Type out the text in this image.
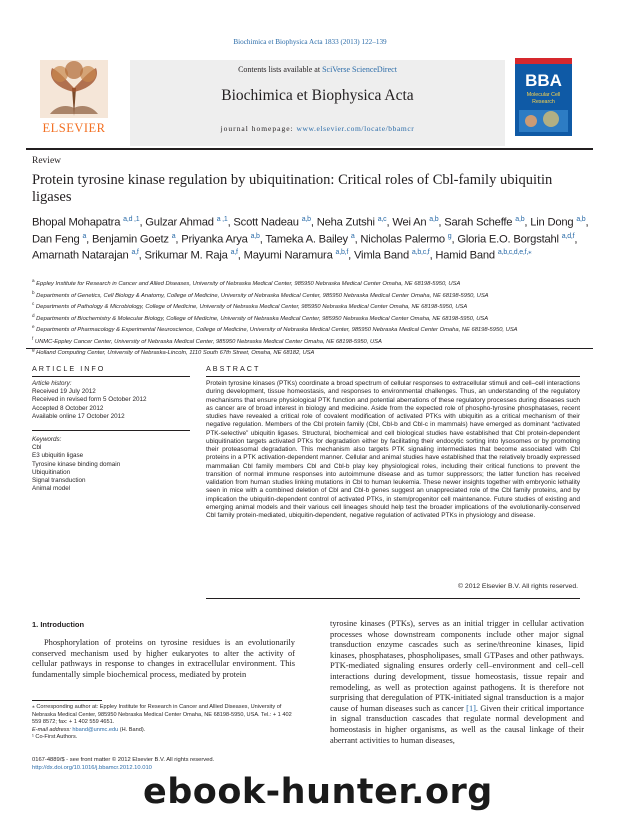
Biochimica et Biophysica Acta 1833 (2013) 122–139
Contents lists available at SciVerse ScienceDirect
Biochimica et Biophysica Acta
journal homepage: www.elsevier.com/locate/bbamcr
ELSEVIER
BBA
Molecular Cell
Research
Review
Protein tyrosine kinase regulation by ubiquitination: Critical roles of Cbl-family ubiquitin ligases
Bhopal Mohapatra $^{a,d ,1}$, Gulzar Ahmad $^{a ,1}$, Scott Nadeau $^{a,b}$, Neha Zutshi $^{a,c}$, Wei An $^{a,b}$, Sarah Scheffe $^{a,b}$, Lin Dong $^{a,b}$, Dan Feng $^a$, Benjamin Goetz $^a$, Priyanka Arya $^{a,b}$, Tameka A. Bailey $^a$, Nicholas Palermo $^g$, Gloria E.O. Borgstahl $^{a,d,f}$, Amarnath Natarajan $^{a,f}$, Srikumar M. Raja $^{a,f}$, Mayumi Naramura $^{a,b,f}$, Vimla Band $^{a,b,c,f}$, Hamid Band $^{a,b,c,d,e,f,⁎}$
$^a$ Eppley Institute for Research in Cancer and Allied Diseases, University of Nebraska Medical Center, 985950 Nebraska Medical Center Omaha, NE 68198-5950, USA
$^b$ Departments of Genetics, Cell Biology & Anatomy, College of Medicine, University of Nebraska Medical Center, 985950 Nebraska Medical Center Omaha, NE 68198-5950, USA
$^c$ Departments of Pathology & Microbiology, College of Medicine, University of Nebraska Medical Center, 985950 Nebraska Medical Center Omaha, NE 68198-5950, USA
$^d$ Departments of Biochemistry & Molecular Biology, College of Medicine, University of Nebraska Medical Center, 985950 Nebraska Medical Center Omaha, NE 68198-5950, USA
$^e$ Departments of Pharmacology & Experimental Neuroscience, College of Medicine, University of Nebraska Medical Center, 985950 Nebraska Medical Center Omaha, NE 68198-5950, USA
$^f$ UNMC-Eppley Cancer Center, University of Nebraska Medical Center, 985950 Nebraska Medical Center Omaha, NE 68198-5950, USA
$^g$ Holland Computing Center, University of Nebraska-Lincoln, 1110 South 67th Street, Omaha, NE 68182, USA
ARTICLE INFO
Article history:
Received 19 July 2012
Received in revised form 5 October 2012
Accepted 8 October 2012
Available online 17 October 2012
Keywords:
Cbl
E3 ubiquitin ligase
Tyrosine kinase binding domain
Ubiquitination
Signal transduction
Animal model
ABSTRACT
Protein tyrosine kinases (PTKs) coordinate a broad spectrum of cellular responses to extracellular stimuli and cell–cell interactions during development, tissue homeostasis, and responses to environmental challenges. Thus, an understanding of the regulatory mechanisms that ensure physiological PTK function and potential aberrations of these regulatory processes during diseases such as cancer are of broad interest in biology and medicine. Aside from the expected role of phospho-tyrosine phosphatases, recent studies have revealed a critical role of covalent modification of activated PTKs with ubiquitin as a critical mechanism of their negative regulation. Members of the Cbl protein family (Cbl, Cbl-b and Cbl-c in mammals) have emerged as dominant “activated PTK-selective” ubiquitin ligases. Structural, biochemical and cell biological studies have established that Cbl protein-dependent ubiquitination targets activated PTKs for degradation either by facilitating their endocytic sorting into lysosomes or by promoting their proteasomal degradation. This mechanism also targets PTK signaling intermediates that become associated with Cbl proteins in a PTK activation-dependent manner. Cellular and animal studies have established that the relatively broadly expressed mammalian Cbl family members Cbl and Cbl-b play key physiological roles, including their critical functions to prevent the transition of normal immune responses into autoimmune disease and as tumor suppressors; the latter function has received validation from human studies linking mutations in Cbl to human leukemia. These newer insights together with embryonic lethality seen in mice with a combined deletion of Cbl and Cbl-b genes suggest an unappreciated role of the Cbl family proteins, and by implication the ubiquitin-dependent control of activated PTKs, in stem/progenitor cell maintenance. Future studies of existing and emerging animal models and their various cell lineages should help test the broader implications of the evolutionarily-conserved Cbl family protein-mediated, ubiquitin-dependent, negative regulation of activated PTKs in physiology and disease.
© 2012 Elsevier B.V. All rights reserved.
1. Introduction
Phosphorylation of proteins on tyrosine residues is an evolutionarily conserved mechanism used by higher eukaryotes to alter the activity of cellular pathways in response to changes in extracellular environment. This fundamentally simple biochemical process, mediated by protein
tyrosine kinases (PTKs), serves as an initial trigger in cellular activation processes whose downstream components include other major signal transduction enzyme cascades such as serine/threonine kinases, lipid kinases, phosphatases, phospholipases, small GTPases and other pathways. PTK-mediated signaling ensures orderly cell–environment and cell–cell interactions during development, tissue homeostasis, tissue repair and remodeling, as well as protection against pathogens. It is therefore not surprising that deregulation of PTK-initiated signal transduction is a major cause of human diseases such as cancer [1]. Given their critical importance in signal transduction cascades that regulate normal development and homeostasis in higher organisms, as well as the causal linkage of their aberrant activities to human diseases,
⁎ Corresponding author at: Eppley Institute for Research in Cancer and Allied Diseases, University of Nebraska Medical Center, 985950 Nebraska Medical Center Omaha, NE 68198-5950, USA. Tel.: + 1 402 559 8572; fax: + 1 402 559 4651.
E-mail address: hband@unmc.edu (H. Band).
¹ Co-First Authors.
0167-4889/$ - see front matter © 2012 Elsevier B.V. All rights reserved.
http://dx.doi.org/10.1016/j.bbamcr.2012.10.010
ebook-hunter.org
